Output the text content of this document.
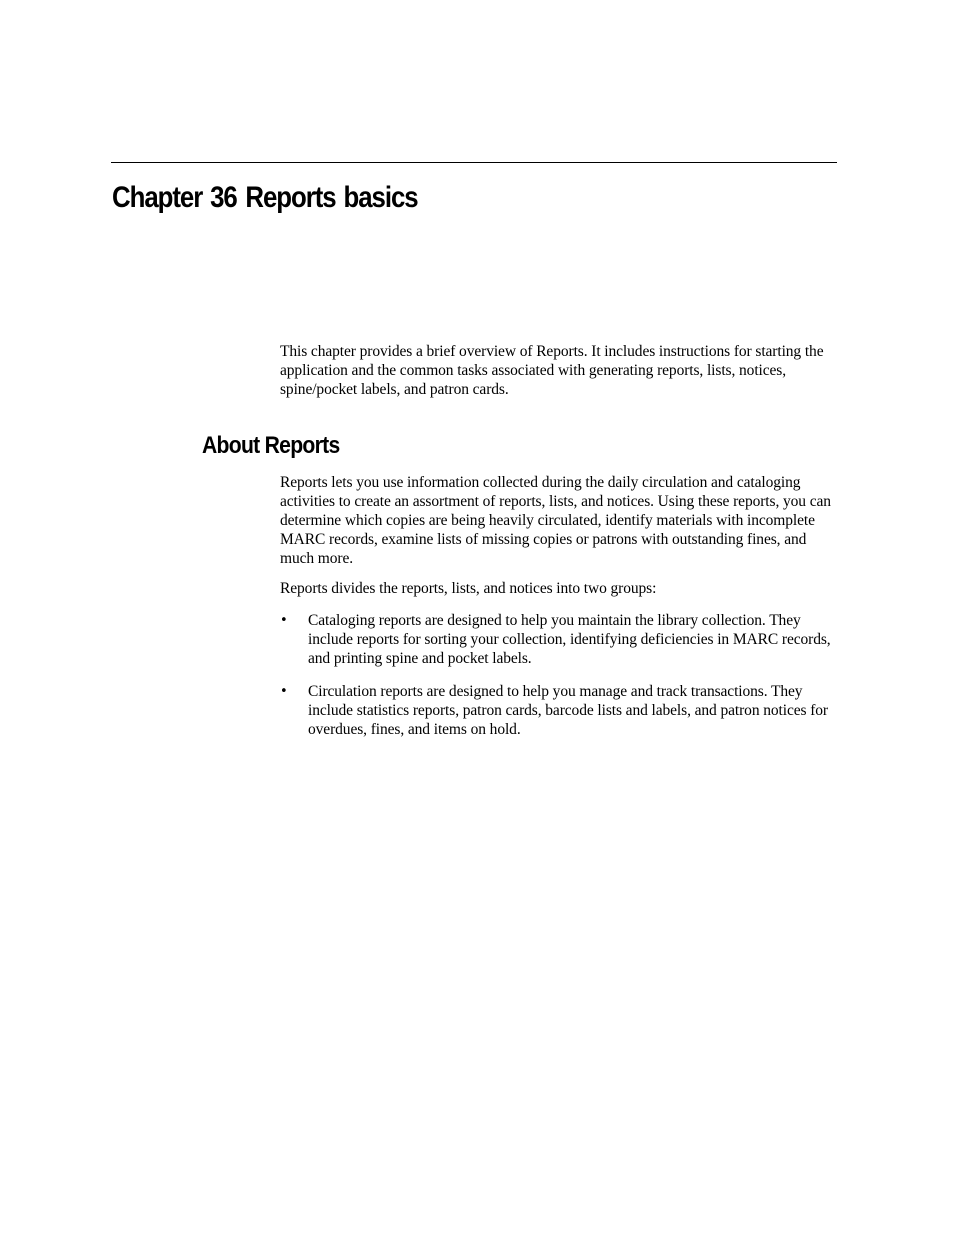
Chapter 36 Reports basics

This chapter provides a brief overview of Reports. It includes instructions for starting the application and the common tasks associated with generating reports, lists, notices, spine/pocket labels, and patron cards.

About Reports

Reports lets you use information collected during the daily circulation and cataloging activities to create an assortment of reports, lists, and notices. Using these reports, you can determine which copies are being heavily circulated, identify materials with incomplete MARC records, examine lists of missing copies or patrons with outstanding fines, and much more.

Reports divides the reports, lists, and notices into two groups:

• Cataloging reports are designed to help you maintain the library collection. They include reports for sorting your collection, identifying deficiencies in MARC records, and printing spine and pocket labels.
• Circulation reports are designed to help you manage and track transactions. They include statistics reports, patron cards, barcode lists and labels, and patron notices for overdues, fines, and items on hold.
